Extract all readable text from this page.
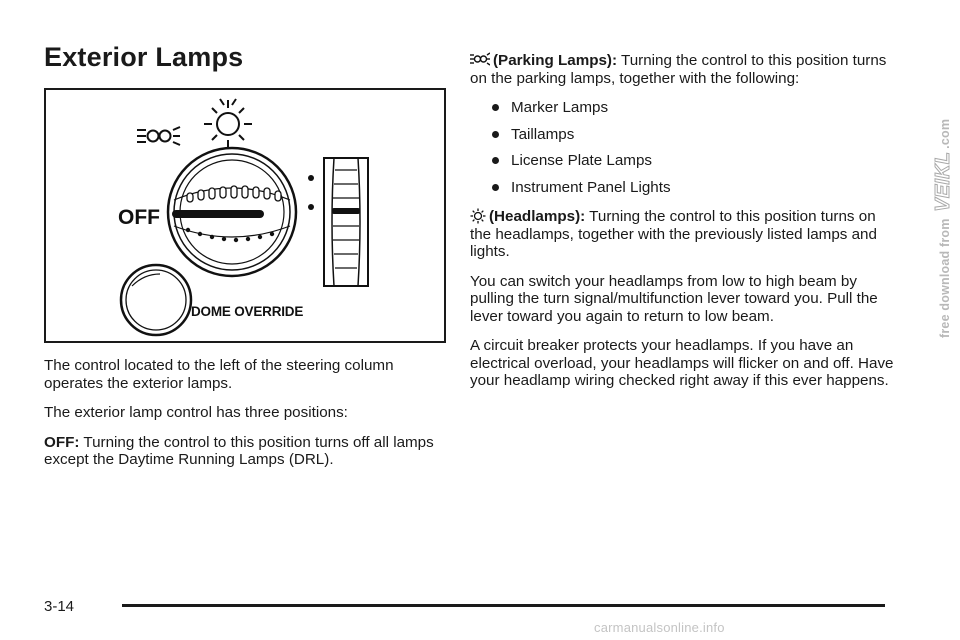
Exterior Lamps
OFF
DOME OVERRIDE

The control located to the left of the steering column operates the exterior lamps.

The exterior lamp control has three positions:

OFF: Turning the control to this position turns off all lamps except the Daytime Running Lamps (DRL).

(Parking Lamps): Turning the control to this position turns on the parking lamps, together with the following:

Marker Lamps
Taillamps
License Plate Lamps
Instrument Panel Lights

(Headlamps): Turning the control to this position turns on the headlamps, together with the previously listed lamps and lights.

You can switch your headlamps from low to high beam by pulling the turn signal/multifunction lever toward you. Pull the lever toward you again to return to low beam.

A circuit breaker protects your headlamps. If you have an electrical overload, your headlamps will flicker on and off. Have your headlamp wiring checked right away if this ever happens.

3-14
free download from VEIKL.com
carmanualsonline.info
